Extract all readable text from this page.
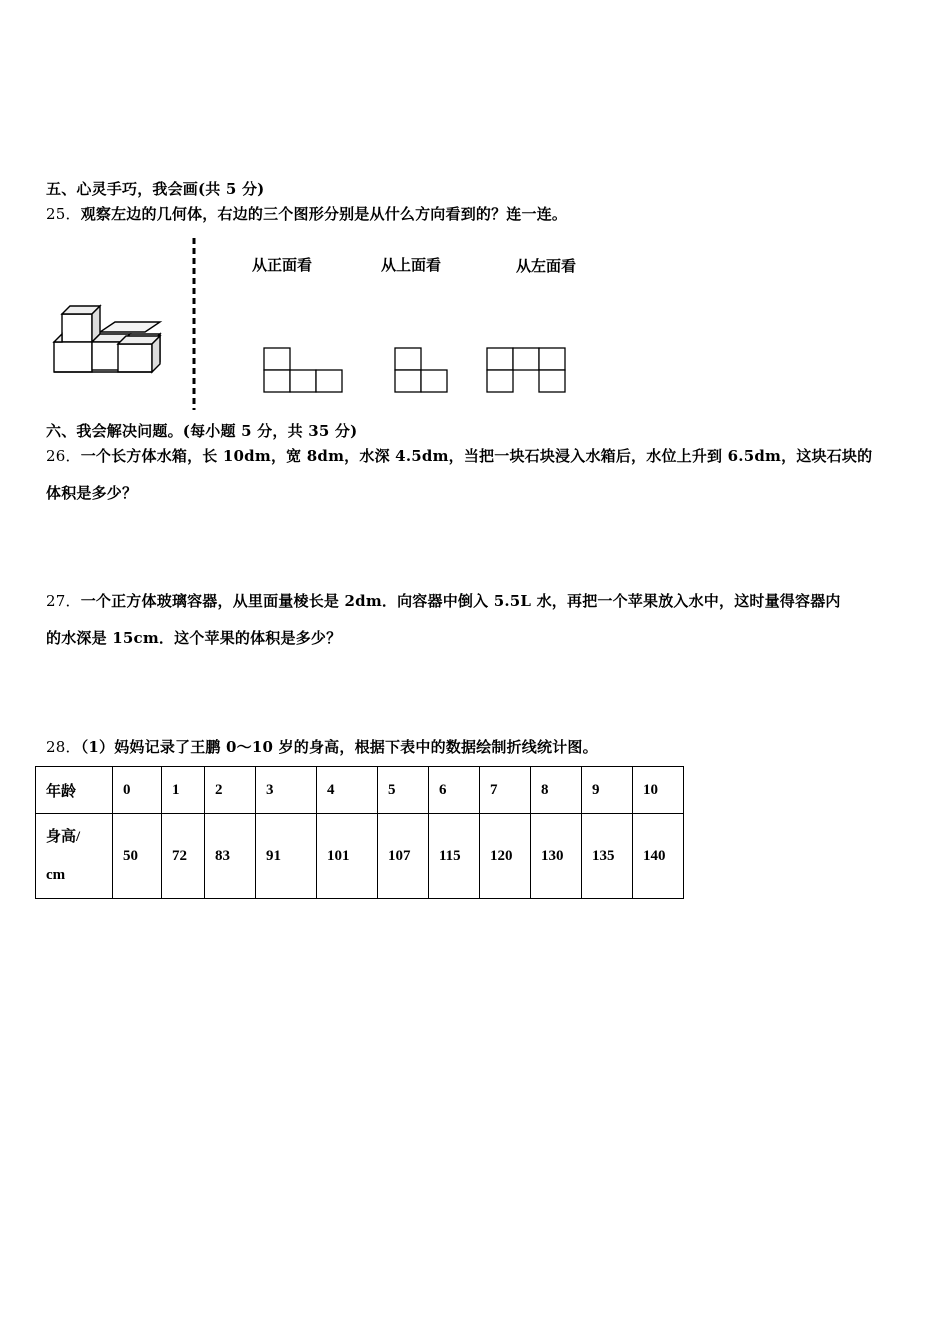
五、心灵手巧，我会画(共 5 分)
25．观察左边的几何体，右边的三个图形分别是从什么方向看到的？连一连。
从正面看	从上面看	从左面看
六、我会解决问题。(每小题 5 分，共 35 分)
26．一个长方体水箱，长 10dm，宽 8dm，水深 4.5dm，当把一块石块浸入水箱后，水位上升到 6.5dm，这块石块的
体积是多少？
27．一个正方体玻璃容器，从里面量棱长是 2dm．向容器中倒入 5.5L 水，再把一个苹果放入水中，这时量得容器内
的水深是 15cm．这个苹果的体积是多少？
28．（1）妈妈记录了王鹏 0～10 岁的身高，根据下表中的数据绘制折线统计图。
年龄	0	1	2	3	4	5	6	7	8	9	10

身高/
cm	50	72	83	91	101	107	115	120	130	135	140
